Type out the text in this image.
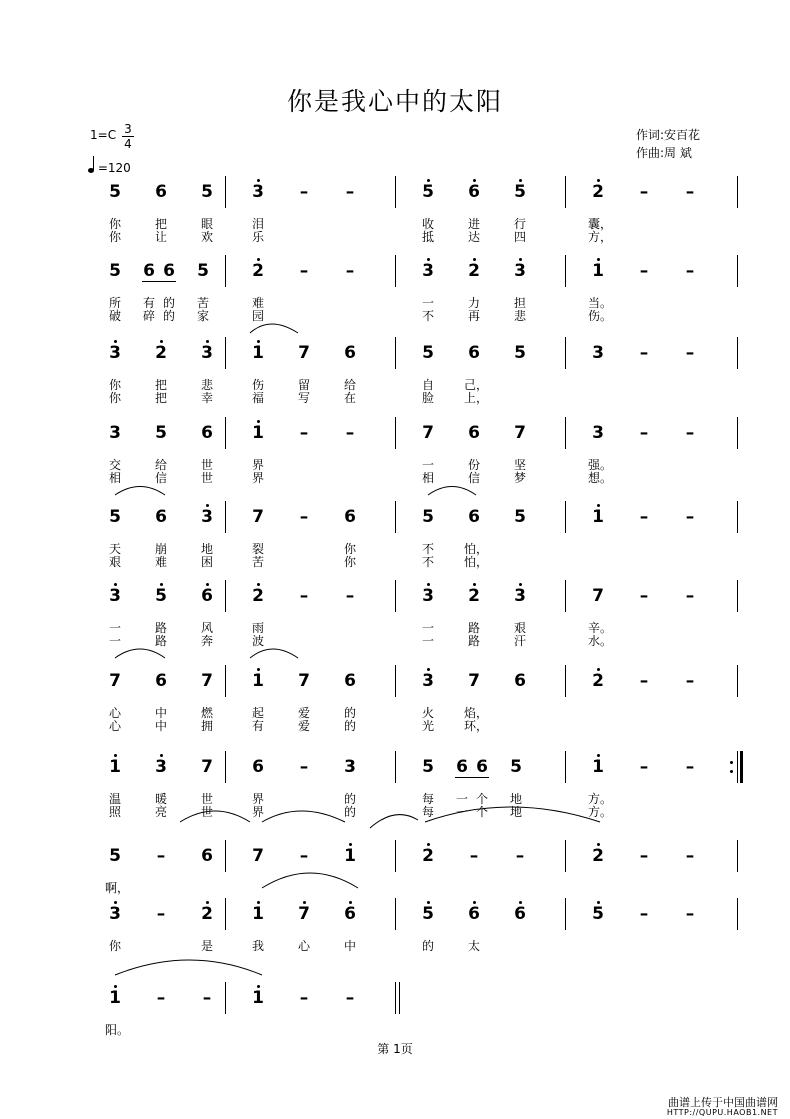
你是我心中的太阳
1=C 3
4
=120
作词:安百花
作曲:周 斌
5 6 5 3	–	–	5 6 5	2	–	–
你	把	眼	泪	收	进	行	囊，
你	让	欢	乐	抵	达	四	方，
5 6 6 5	2	–	–	3 2 3	1	–	–
所	有 的	苦	难	一	力	担	当。
破	碎 的	家	园	不	再	悲	伤。
3 2 3 1 7 6	5 6 5	3	–	–
你	把	悲	伤	留	给	自	己，
你	把	幸	福	写	在	脸	上，
3 5 6 1	–	–	7 6 7	3	–	–
交	给	世	界	一	份	坚	强。
相	信	世	界	相	信	梦	想。
5 6 3 7	–	6	5 6 5	1	–	–
天	崩	地	裂	你	不	怕，
艰	难	困	苦	你	不	怕，
3 5 6 2	–	–	3 2 3	7	–	–
一	路	风	雨	一	路	艰	辛。
一	路	奔	波	一	路	汗	水。
7 6 7 1 7 6	3 7 6	2	–	–
心	中	燃	起	爱	的	火	焰，
心	中	拥	有	爱	的	光	环，
1 3 7 6	–	3	5 6 6 5	1	–	–
温	暖	世	界	的	每	一 个	地	方。
照	亮	世	界	的	每	一 个	地	方。
5	–	6 7	–	1	2	–	–	2	–	–
啊，
3	–	2 1 7 6	5 6 6	5	–	–
你	是	我	心	中	的	太
1	–	–	1	–	–
阳。
第 1页
曲谱上传于中国曲谱网
HTTP://QUPU.HAOB1.NET
